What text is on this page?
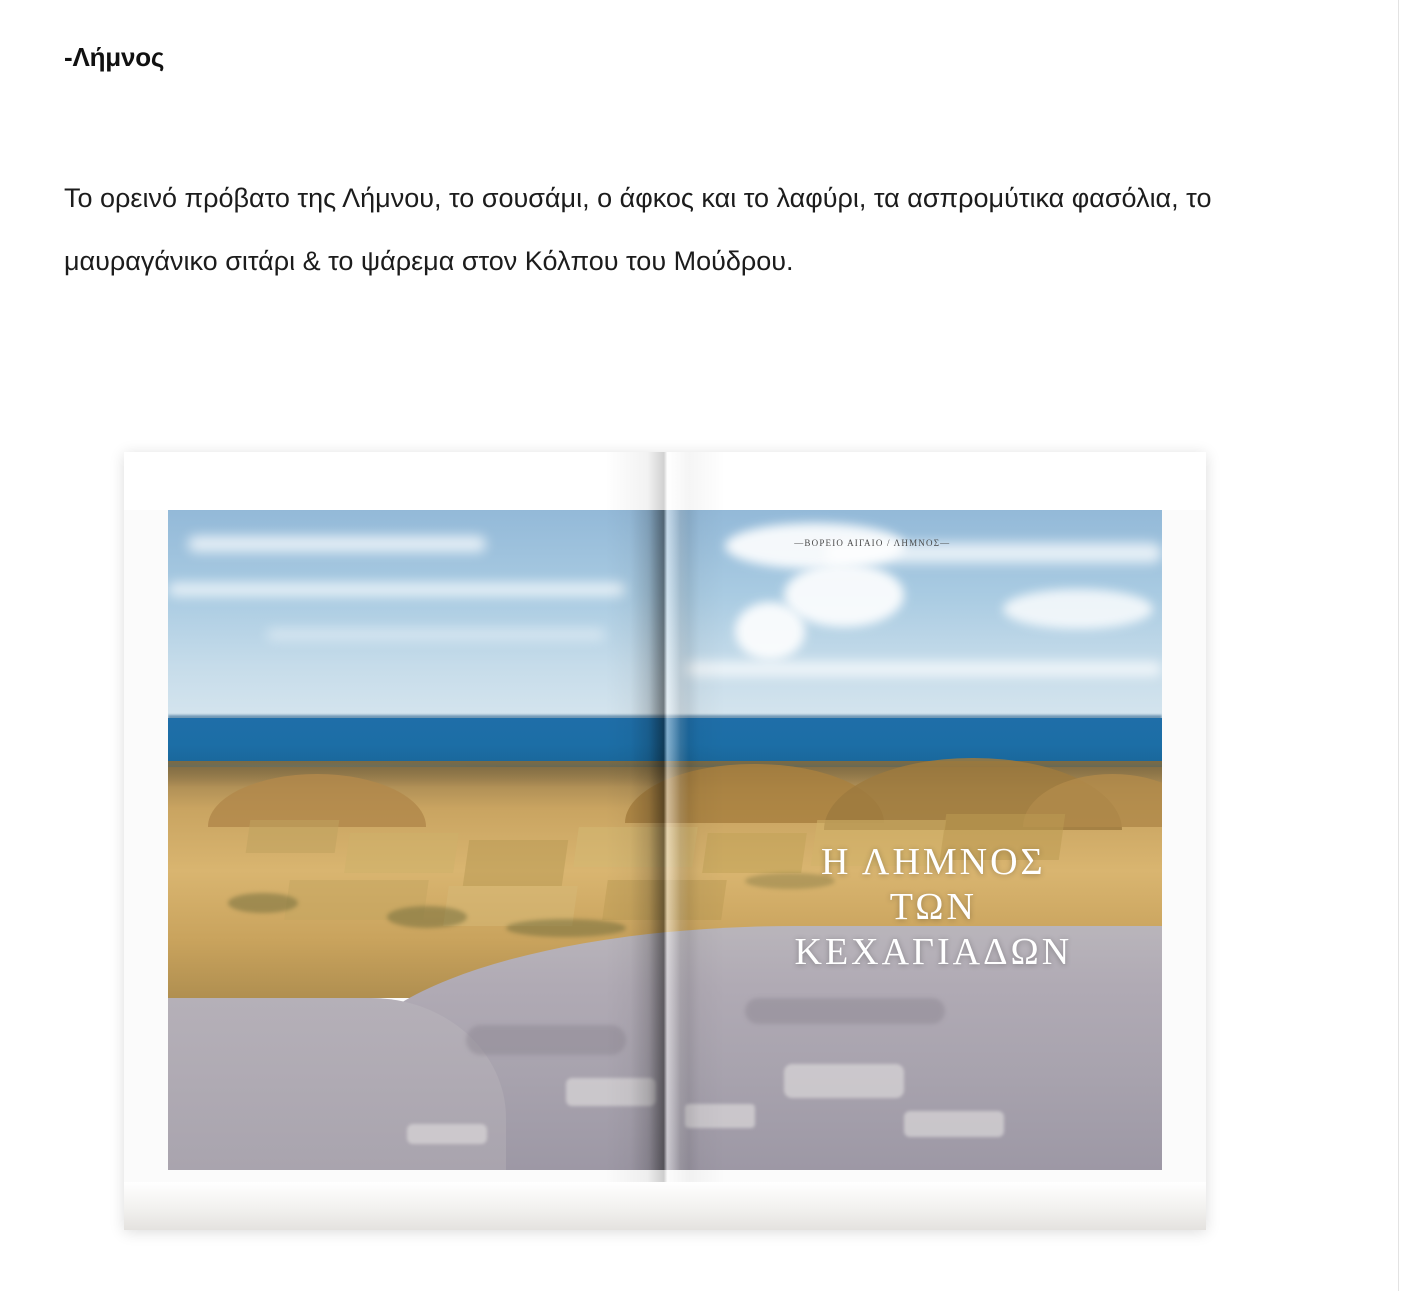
-Λήμνος

Το ορεινό πρόβατο της Λήμνου, το σουσάμι, ο άφκος και το λαφύρι, τα ασπρομύτικα φασόλια, το μαυραγάνικο σιτάρι & το ψάρεμα στον Κόλπου του Μούδρου.

—ΒΟΡΕΙΟ ΑΙΓΑΙΟ / ΛΗΜΝΟΣ—
Η ΛΗΜΝΟΣ
ΤΩΝ
ΚΕΧΑΓΙΑΔΩΝ
